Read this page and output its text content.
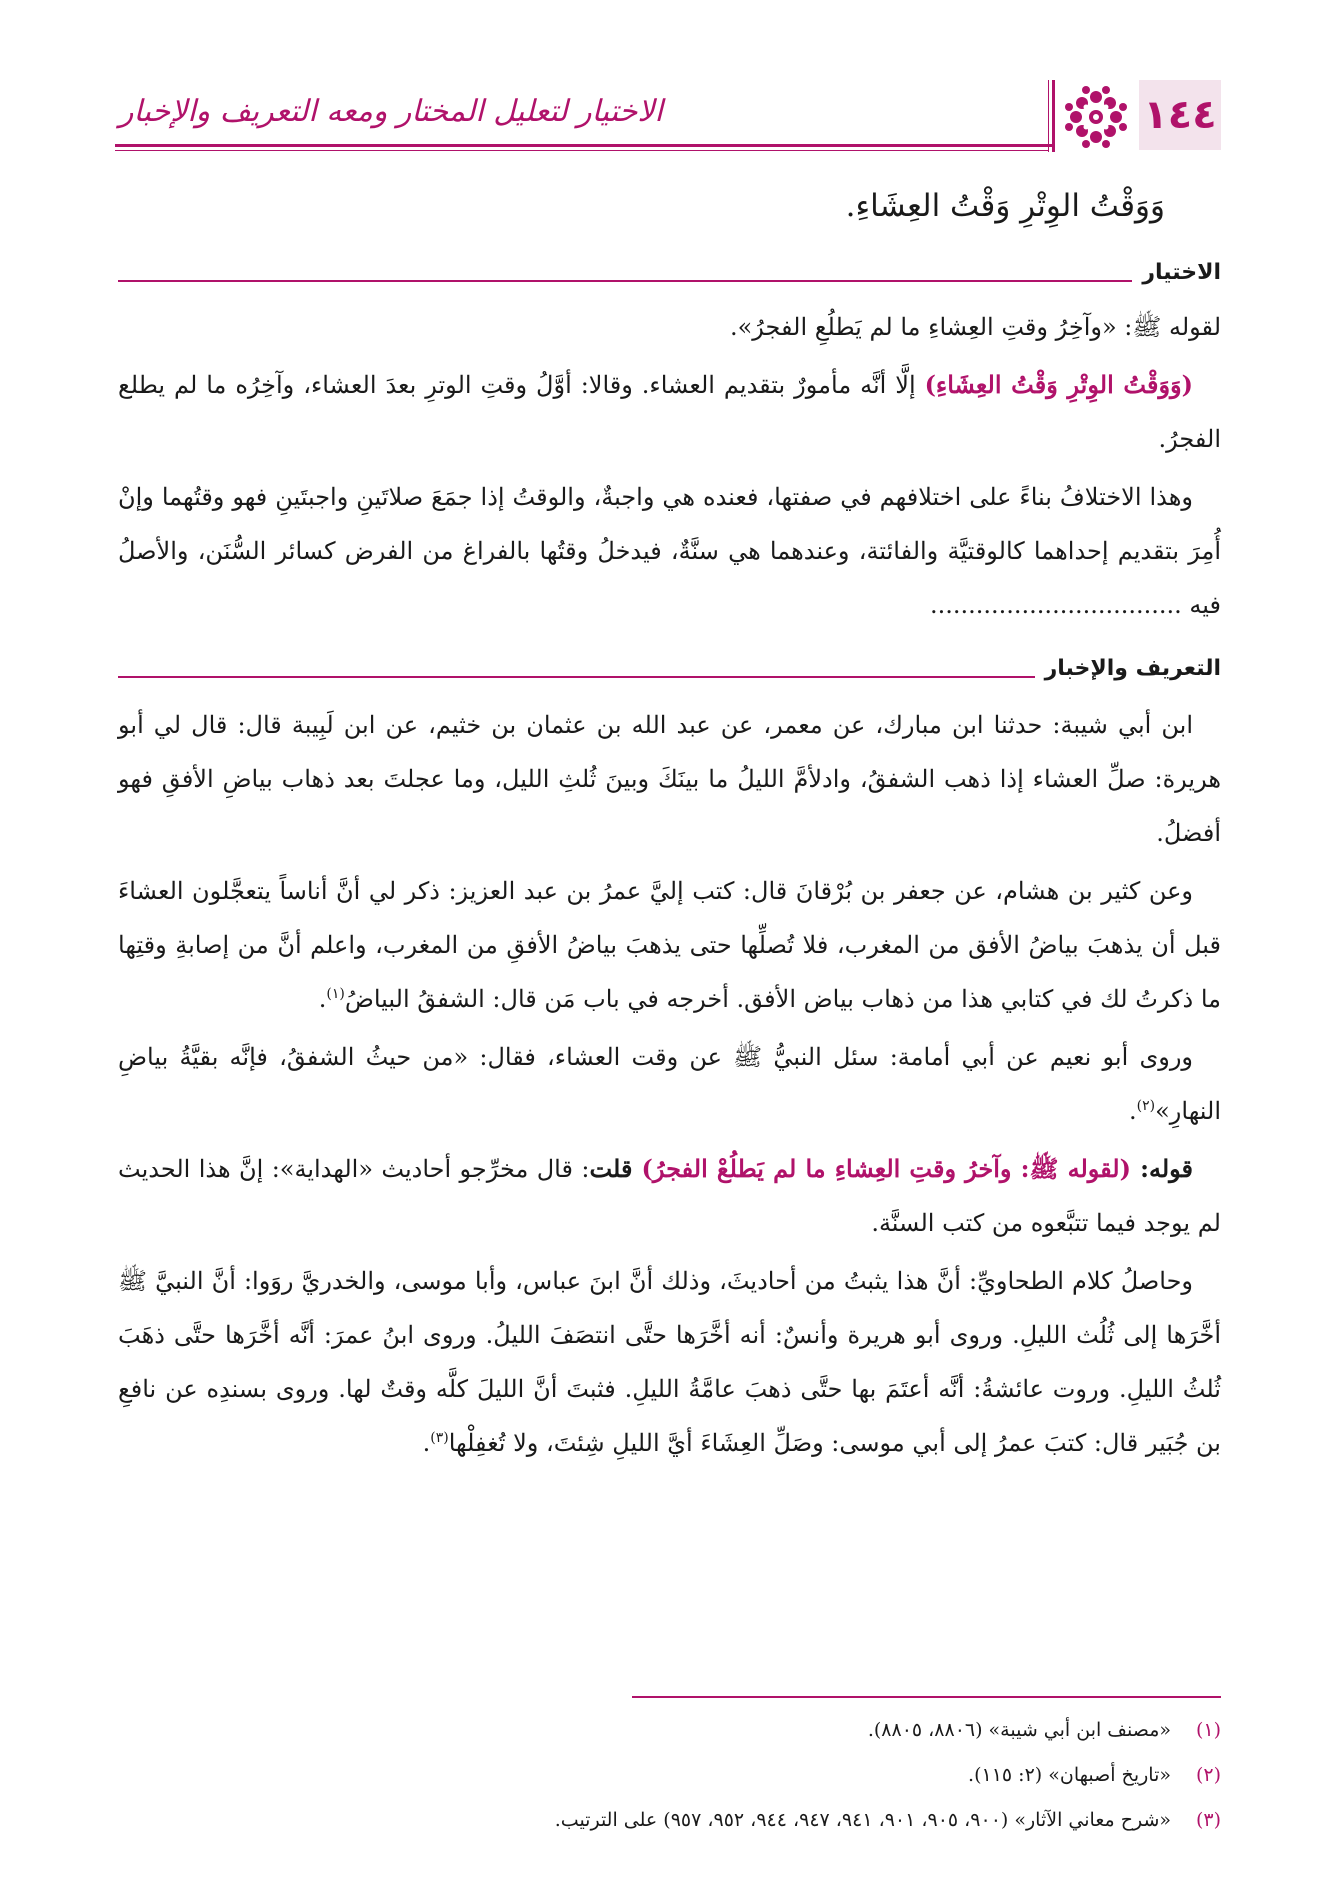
١٤٤
الاختيار لتعليل المختار ومعه التعريف والإخبار
وَوَقْتُ الوِتْرِ وَقْتُ العِشَاءِ.
الاختيار

لقوله ﷺ: «وآخِرُ وقتِ العِشاءِ ما لم يَطلُعِ الفجرُ».

(وَوَقْتُ الوِتْرِ وَقْتُ العِشَاءِ) إلَّا أنَّه مأمورٌ بتقديم العشاء. وقالا: أوَّلُ وقتِ الوترِ بعدَ العشاء، وآخِرُه ما لم يطلع الفجرُ.

وهذا الاختلافُ بناءً على اختلافهم في صفتها، فعنده هي واجبةٌ، والوقتُ إذا جمَعَ صلاتَينِ واجبتَينِ فهو وقتُهما وإنْ أُمِرَ بتقديم إحداهما كالوقتيَّة والفائتة، وعندهما هي سنَّةٌ، فيدخلُ وقتُها بالفراغ من الفرض كسائر السُّنَن، والأصلُ فيه .................................

التعريف والإخبار

ابن أبي شيبة: حدثنا ابن مبارك، عن معمر، عن عبد الله بن عثمان بن خثيم، عن ابن لَبِيبة قال: قال لي أبو هريرة: صلِّ العشاء إذا ذهب الشفقُ، وادلأمَّ الليلُ ما بينَكَ وبينَ ثُلثِ الليل، وما عجلتَ بعد ذهاب بياضِ الأفقِ فهو أفضلُ.

وعن كثير بن هشام، عن جعفر بن بُرْقانَ قال: كتب إليَّ عمرُ بن عبد العزيز: ذكر لي أنَّ أناساً يتعجَّلون العشاءَ قبل أن يذهبَ بياضُ الأفق من المغرب، فلا تُصلِّها حتى يذهبَ بياضُ الأفقِ من المغرب، واعلم أنَّ من إصابةِ وقتِها ما ذكرتُ لك في كتابي هذا من ذهاب بياض الأفق. أخرجه في باب مَن قال: الشفقُ البياضُ$^{(١)}$.

وروى أبو نعيم عن أبي أمامة: سئل النبيُّ ﷺ عن وقت العشاء، فقال: «من حيثُ الشفقُ، فإنَّه بقيَّةُ بياضِ النهارِ»$^{(٢)}$.

قوله: (لقوله ﷺ: وآخرُ وقتِ العِشاءِ ما لم يَطلُعْ الفجرُ) قلت: قال مخرِّجو أحاديث «الهداية»: إنَّ هذا الحديث لم يوجد فيما تتبَّعوه من كتب السنَّة.

وحاصلُ كلام الطحاويِّ: أنَّ هذا يثبتُ من أحاديثَ، وذلك أنَّ ابنَ عباس، وأبا موسى، والخدريَّ روَوا: أنَّ النبيَّ ﷺ أخَّرَها إلى ثُلُث الليلِ. وروى أبو هريرة وأنسٌ: أنه أخَّرَها حتَّى انتصَفَ الليلُ. وروى ابنُ عمرَ: أنَّه أخَّرَها حتَّى ذهَبَ ثُلثُ الليلِ. وروت عائشةُ: أنَّه أعتَمَ بها حتَّى ذهبَ عامَّةُ الليلِ. فثبتَ أنَّ الليلَ كلَّه وقتٌ لها. وروى بسندِه عن نافعِ بن جُبَير قال: كتبَ عمرُ إلى أبي موسى: وصَلِّ العِشَاءَ أيَّ الليلِ شِئتَ، ولا تُغفِلْها$^{(٣)}$.

(١)«مصنف ابن أبي شيبة» (٨٨٠٦، ٨٨٠٥).
(٢)«تاريخ أصبهان» (٢: ١١٥).
(٣)«شرح معاني الآثار» (٩٠٠، ٩٠٥، ٩٠١، ٩٤١، ٩٤٧، ٩٤٤، ٩٥٢، ٩٥٧) على الترتيب.
